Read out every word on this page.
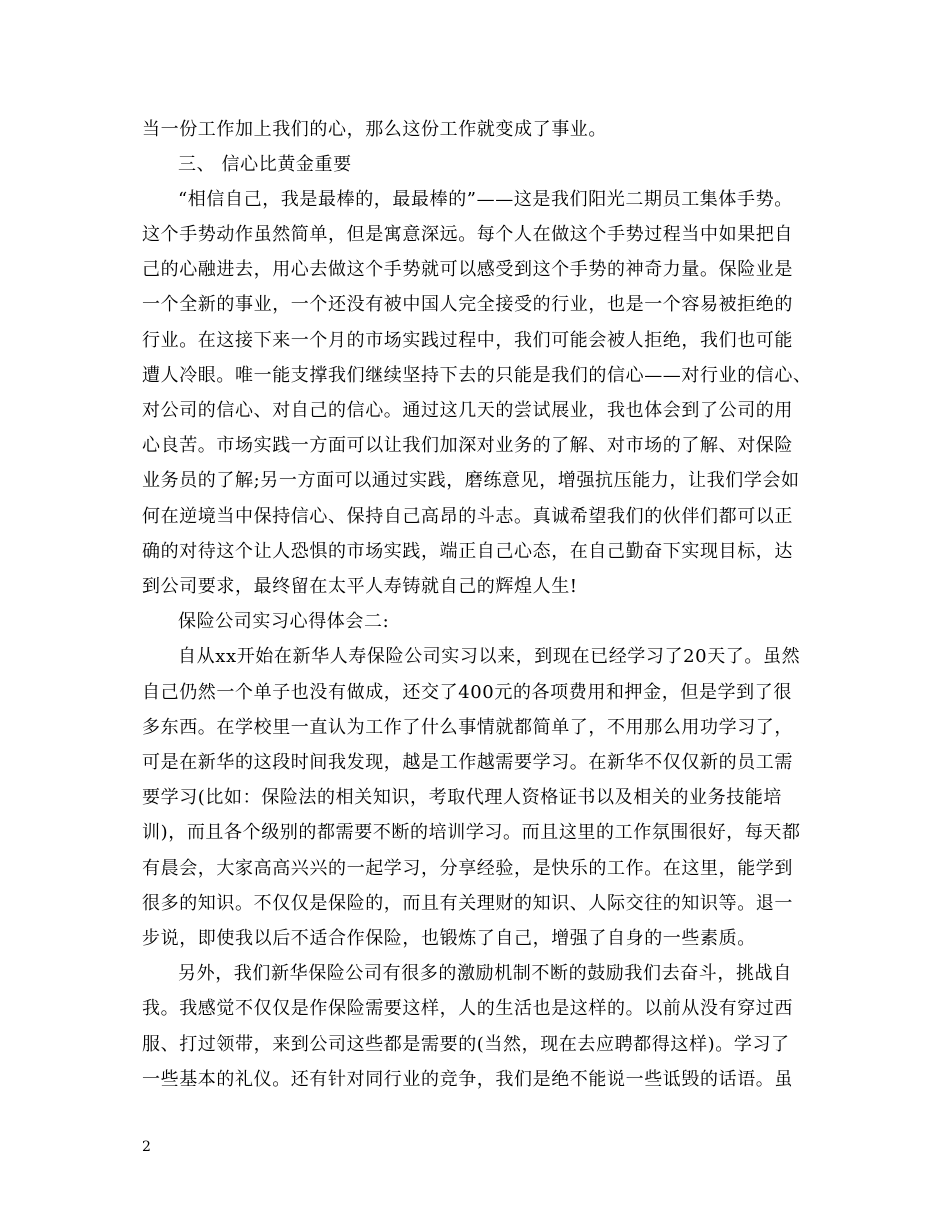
当一份工作加上我们的心，那么这份工作就变成了事业。
三、 信心比黄金重要
“相信自己，我是最棒的，最最棒的”——这是我们阳光二期员工集体手势。
这个手势动作虽然简单，但是寓意深远。每个人在做这个手势过程当中如果把自
己的心融进去，用心去做这个手势就可以感受到这个手势的神奇力量。保险业是
一个全新的事业，一个还没有被中国人完全接受的行业，也是一个容易被拒绝的
行业。在这接下来一个月的市场实践过程中，我们可能会被人拒绝，我们也可能
遭人冷眼。唯一能支撑我们继续坚持下去的只能是我们的信心——对行业的信心、
对公司的信心、对自己的信心。通过这几天的尝试展业，我也体会到了公司的用
心良苦。市场实践一方面可以让我们加深对业务的了解、对市场的了解、对保险
业务员的了解;另一方面可以通过实践，磨练意见，增强抗压能力，让我们学会如
何在逆境当中保持信心、保持自己高昂的斗志。真诚希望我们的伙伴们都可以正
确的对待这个让人恐惧的市场实践，端正自己心态，在自己勤奋下实现目标，达
到公司要求，最终留在太平人寿铸就自己的辉煌人生!
保险公司实习心得体会二:
自从xx开始在新华人寿保险公司实习以来，到现在已经学习了20天了。虽然
自己仍然一个单子也没有做成，还交了400元的各项费用和押金，但是学到了很
多东西。在学校里一直认为工作了什么事情就都简单了，不用那么用功学习了，
可是在新华的这段时间我发现，越是工作越需要学习。在新华不仅仅新的员工需
要学习(比如：保险法的相关知识，考取代理人资格证书以及相关的业务技能培
训)，而且各个级别的都需要不断的培训学习。而且这里的工作氛围很好，每天都
有晨会，大家高高兴兴的一起学习，分享经验，是快乐的工作。在这里，能学到
很多的知识。不仅仅是保险的，而且有关理财的知识、人际交往的知识等。退一
步说，即使我以后不适合作保险，也锻炼了自己，增强了自身的一些素质。
另外，我们新华保险公司有很多的激励机制不断的鼓励我们去奋斗，挑战自
我。我感觉不仅仅是作保险需要这样，人的生活也是这样的。以前从没有穿过西
服、打过领带，来到公司这些都是需要的(当然，现在去应聘都得这样)。学习了
一些基本的礼仪。还有针对同行业的竞争，我们是绝不能说一些诋毁的话语。虽
2
